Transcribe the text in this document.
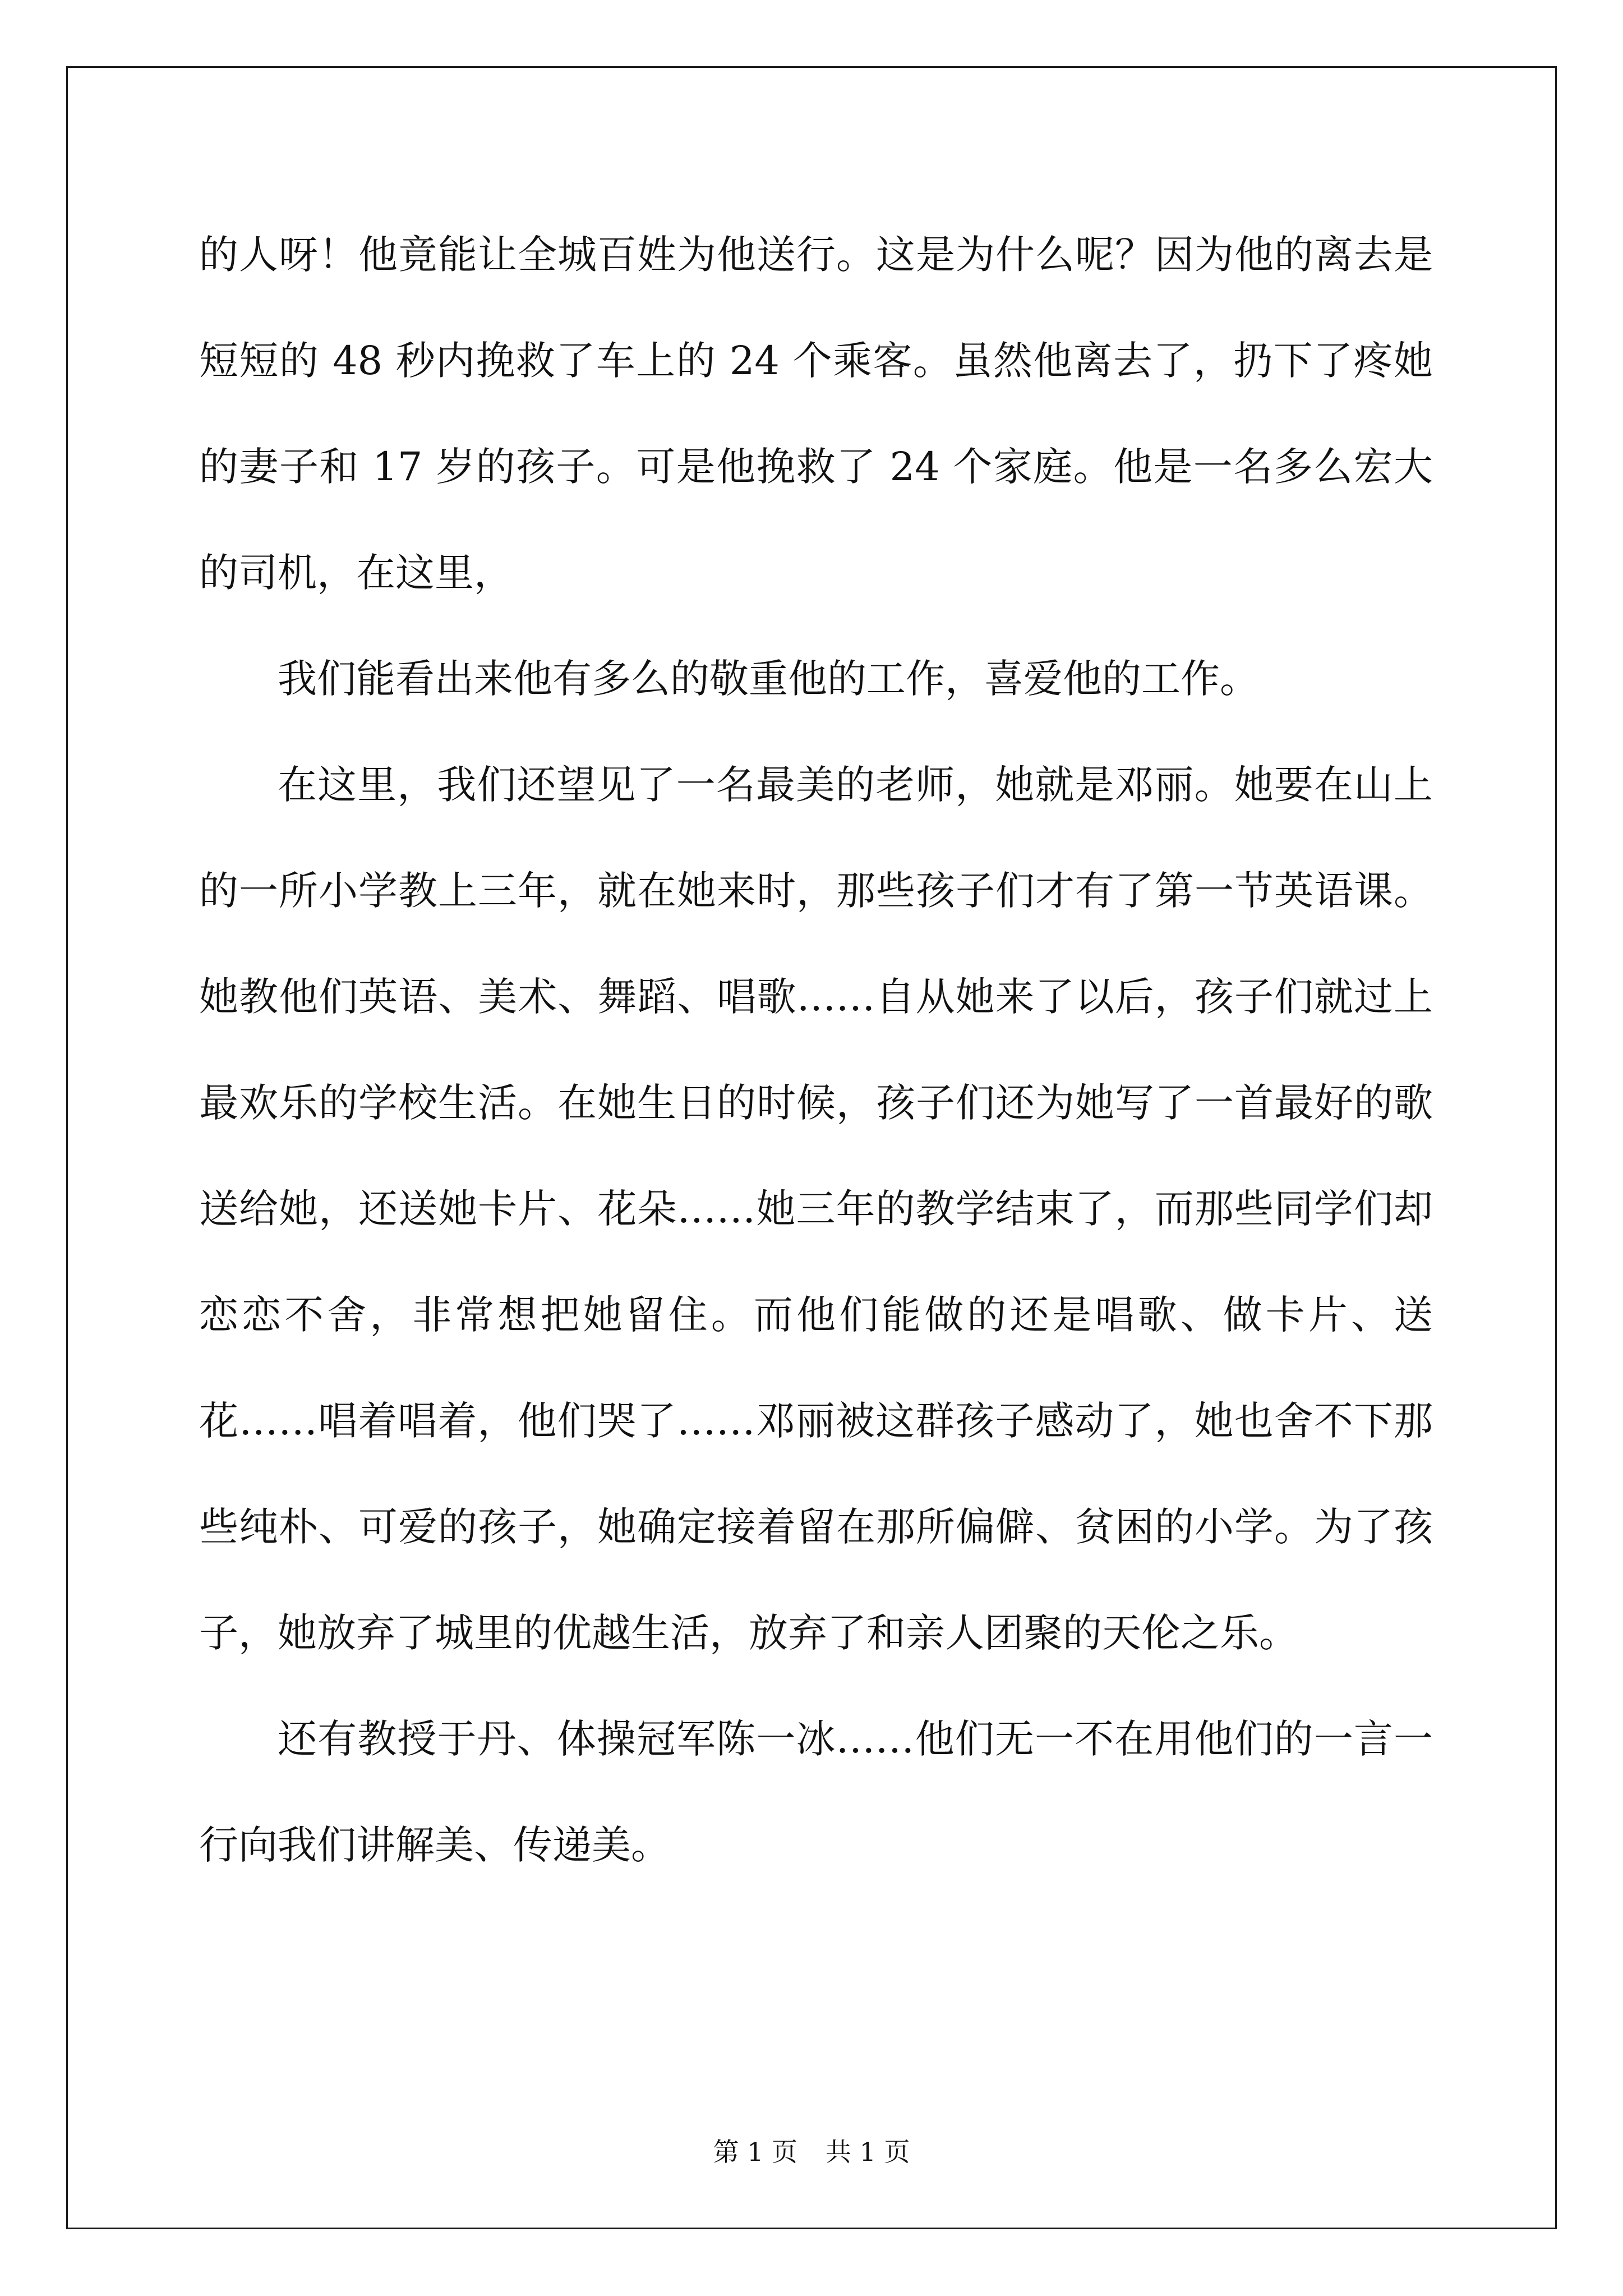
的人呀！他竟能让全城百姓为他送行。这是为什么呢？因为他的离去是短短的 48 秒内挽救了车上的 24 个乘客。虽然他离去了，扔下了疼她的妻子和 17 岁的孩子。可是他挽救了 24 个家庭。他是一名多么宏大的司机，在这里，

我们能看出来他有多么的敬重他的工作，喜爱他的工作。

在这里，我们还望见了一名最美的老师，她就是邓丽。她要在山上的一所小学教上三年，就在她来时，那些孩子们才有了第一节英语课。她教他们英语、美术、舞蹈、唱歌……自从她来了以后，孩子们就过上最欢乐的学校生活。在她生日的时候，孩子们还为她写了一首最好的歌送给她，还送她卡片、花朵……她三年的教学结束了，而那些同学们却恋恋不舍，非常想把她留住。而他们能做的还是唱歌、做卡片、送花……唱着唱着，他们哭了……邓丽被这群孩子感动了，她也舍不下那些纯朴、可爱的孩子，她确定接着留在那所偏僻、贫困的小学。为了孩子，她放弃了城里的优越生活，放弃了和亲人团聚的天伦之乐。

还有教授于丹、体操冠军陈一冰……他们无一不在用他们的一言一行向我们讲解美、传递美。

第 1 页 共 1 页
